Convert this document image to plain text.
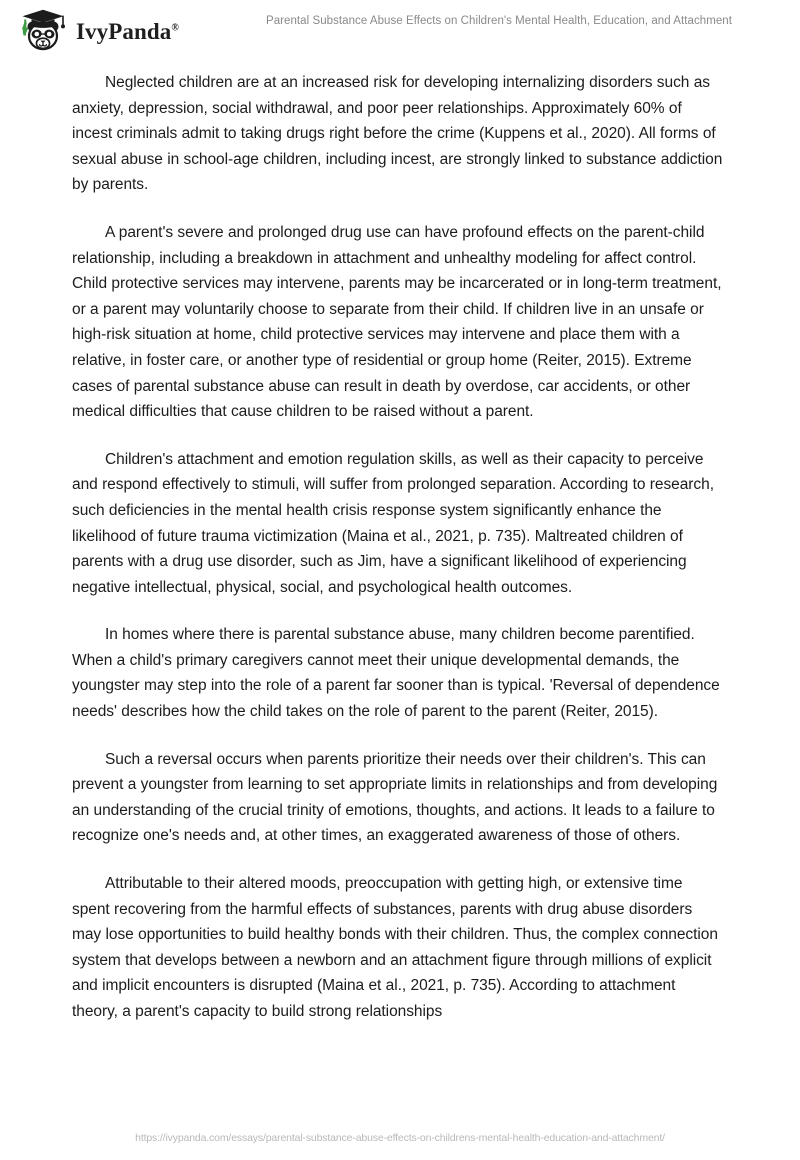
IvyPanda®
Parental Substance Abuse Effects on Children's Mental Health, Education, and Attachment

Neglected children are at an increased risk for developing internalizing disorders such as anxiety, depression, social withdrawal, and poor peer relationships. Approximately 60% of incest criminals admit to taking drugs right before the crime (Kuppens et al., 2020). All forms of sexual abuse in school-age children, including incest, are strongly linked to substance addiction by parents.

A parent's severe and prolonged drug use can have profound effects on the parent-child relationship, including a breakdown in attachment and unhealthy modeling for affect control. Child protective services may intervene, parents may be incarcerated or in long-term treatment, or a parent may voluntarily choose to separate from their child. If children live in an unsafe or high-risk situation at home, child protective services may intervene and place them with a relative, in foster care, or another type of residential or group home (Reiter, 2015). Extreme cases of parental substance abuse can result in death by overdose, car accidents, or other medical difficulties that cause children to be raised without a parent.

Children's attachment and emotion regulation skills, as well as their capacity to perceive and respond effectively to stimuli, will suffer from prolonged separation. According to research, such deficiencies in the mental health crisis response system significantly enhance the likelihood of future trauma victimization (Maina et al., 2021, p. 735). Maltreated children of parents with a drug use disorder, such as Jim, have a significant likelihood of experiencing negative intellectual, physical, social, and psychological health outcomes.

In homes where there is parental substance abuse, many children become parentified. When a child's primary caregivers cannot meet their unique developmental demands, the youngster may step into the role of a parent far sooner than is typical. 'Reversal of dependence needs' describes how the child takes on the role of parent to the parent (Reiter, 2015).

Such a reversal occurs when parents prioritize their needs over their children's. This can prevent a youngster from learning to set appropriate limits in relationships and from developing an understanding of the crucial trinity of emotions, thoughts, and actions. It leads to a failure to recognize one's needs and, at other times, an exaggerated awareness of those of others.

Attributable to their altered moods, preoccupation with getting high, or extensive time spent recovering from the harmful effects of substances, parents with drug abuse disorders may lose opportunities to build healthy bonds with their children. Thus, the complex connection system that develops between a newborn and an attachment figure through millions of explicit and implicit encounters is disrupted (Maina et al., 2021, p. 735). According to attachment theory, a parent's capacity to build strong relationships

https://ivypanda.com/essays/parental-substance-abuse-effects-on-childrens-mental-health-education-and-attachment/
